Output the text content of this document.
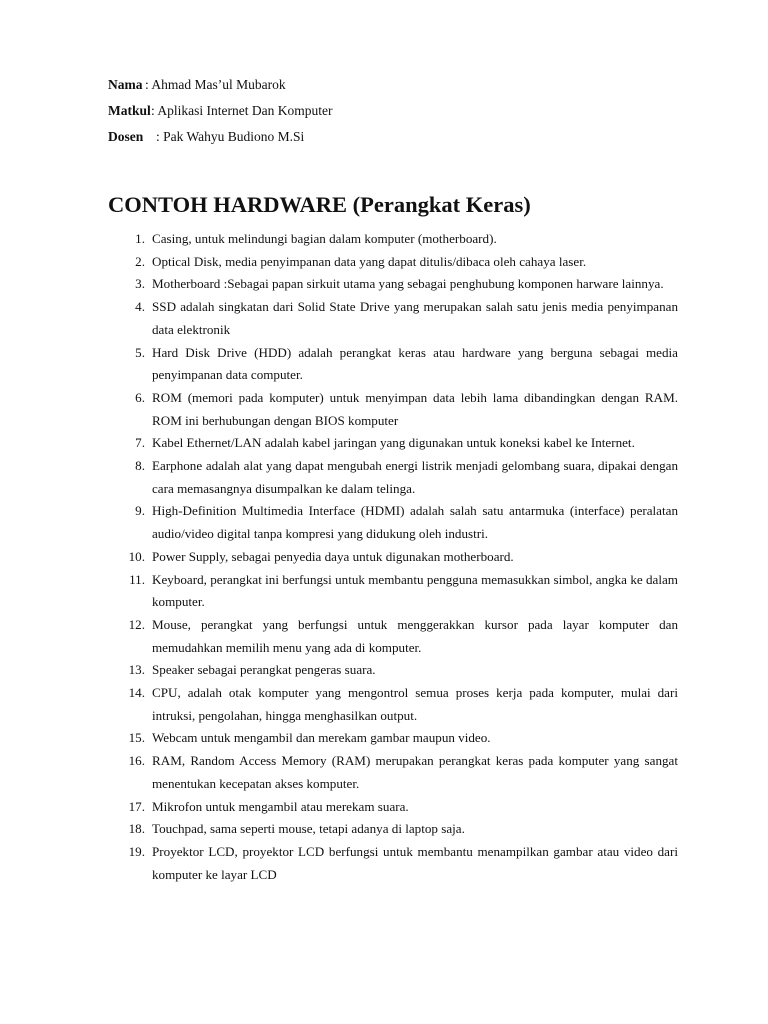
Nama : Ahmad Mas’ul Mubarok
Matkul: Aplikasi Internet Dan Komputer
Dosen : Pak Wahyu Budiono M.Si
CONTOH HARDWARE (Perangkat Keras)
1. Casing, untuk melindungi bagian dalam komputer (motherboard).
2. Optical Disk, media penyimpanan data yang dapat ditulis/dibaca oleh cahaya laser.
3. Motherboard :Sebagai papan sirkuit utama yang sebagai penghubung komponen harware lainnya.
4. SSD adalah singkatan dari Solid State Drive yang merupakan salah satu jenis media penyimpanan data elektronik
5. Hard Disk Drive (HDD) adalah perangkat keras atau hardware yang berguna sebagai media penyimpanan data computer.
6. ROM (memori pada komputer) untuk menyimpan data lebih lama dibandingkan dengan RAM. ROM ini berhubungan dengan BIOS komputer
7. Kabel Ethernet/LAN adalah kabel jaringan yang digunakan untuk koneksi kabel ke Internet.
8. Earphone adalah alat yang dapat mengubah energi listrik menjadi gelombang suara, dipakai dengan cara memasangnya disumpalkan ke dalam telinga.
9. High-Definition Multimedia Interface (HDMI) adalah salah satu antarmuka (interface) peralatan audio/video digital tanpa kompresi yang didukung oleh industri.
10. Power Supply, sebagai penyedia daya untuk digunakan motherboard.
11. Keyboard, perangkat ini berfungsi untuk membantu pengguna memasukkan simbol, angka ke dalam komputer.
12. Mouse, perangkat yang berfungsi untuk menggerakkan kursor pada layar komputer dan memudahkan memilih menu yang ada di komputer.
13. Speaker sebagai perangkat pengeras suara.
14. CPU, adalah otak komputer yang mengontrol semua proses kerja pada komputer, mulai dari intruksi, pengolahan, hingga menghasilkan output.
15. Webcam untuk mengambil dan merekam gambar maupun video.
16. RAM, Random Access Memory (RAM) merupakan perangkat keras pada komputer yang sangat menentukan kecepatan akses komputer.
17. Mikrofon untuk mengambil atau merekam suara.
18. Touchpad, sama seperti mouse, tetapi adanya di laptop saja.
19. Proyektor LCD, proyektor LCD berfungsi untuk membantu menampilkan gambar atau video dari komputer ke layar LCD
